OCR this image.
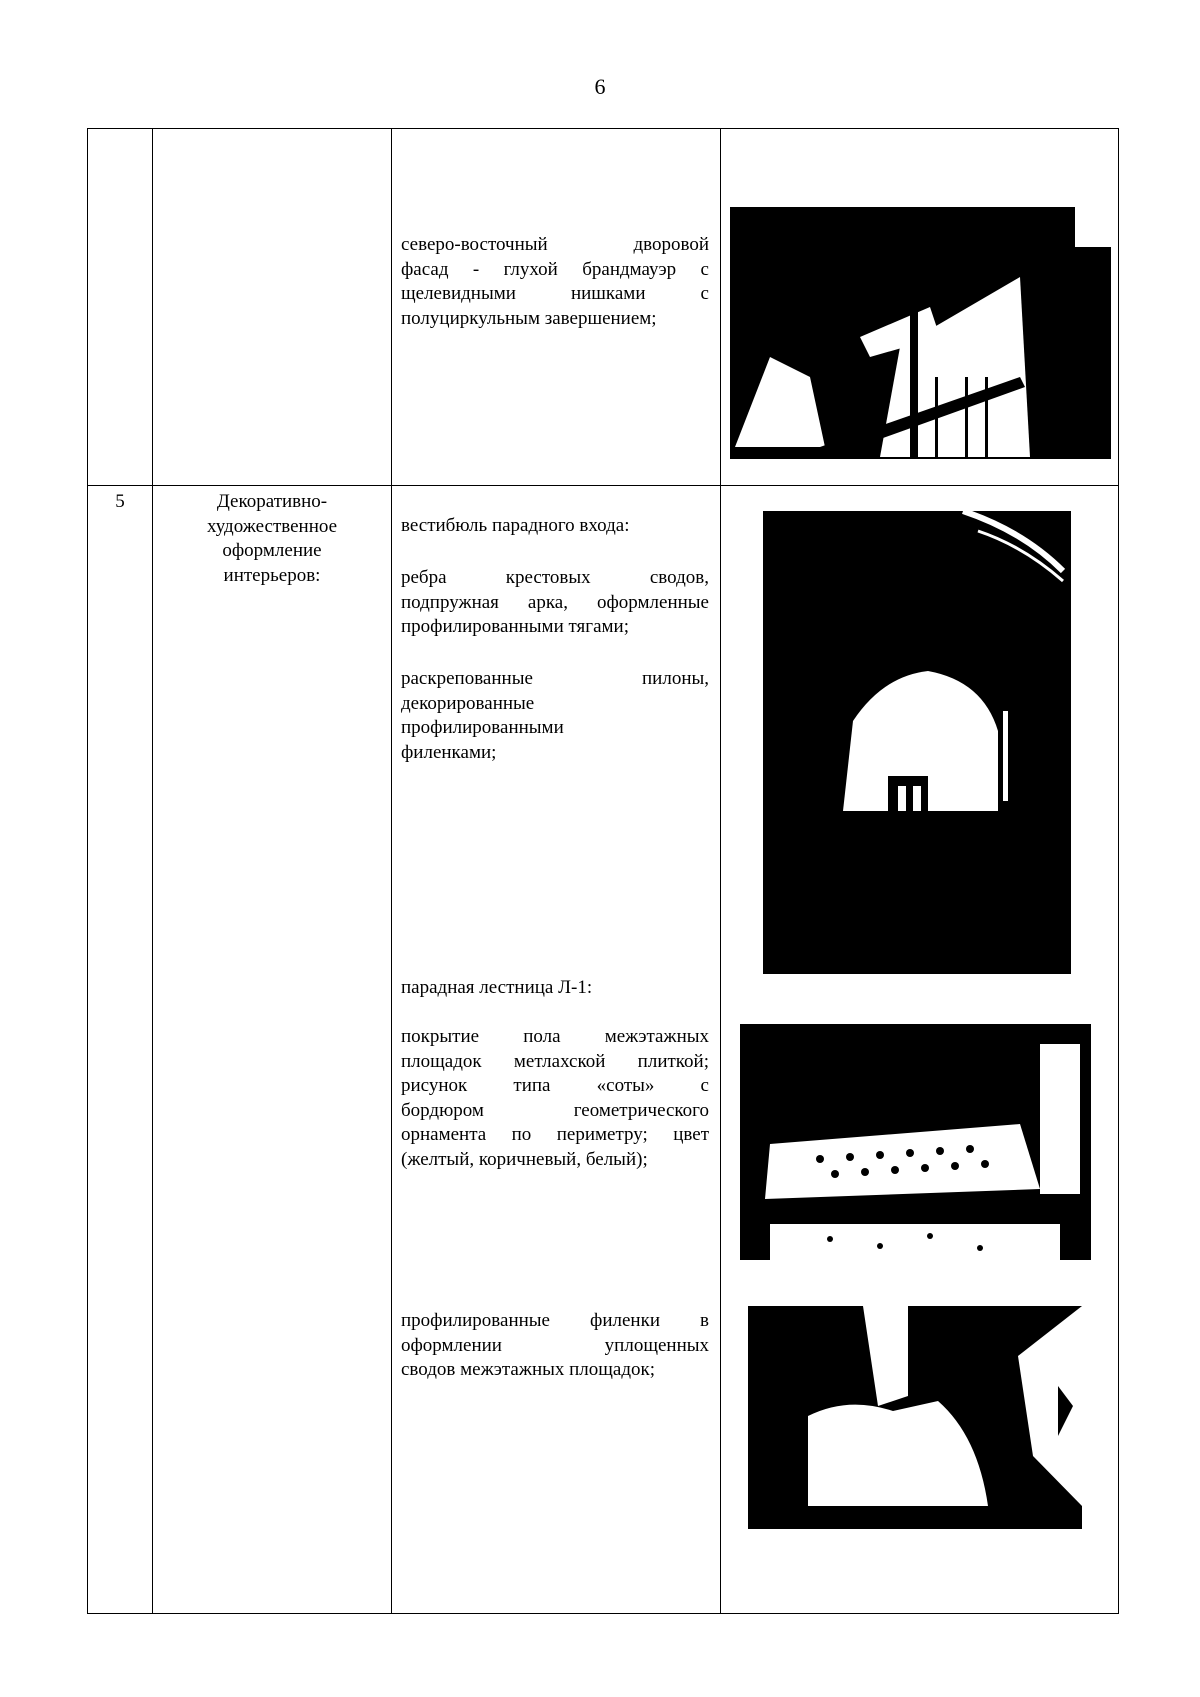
6
северо-восточный дворовой
фасад - глухой брандмауэр с
щелевидными нишками с
полуциркульным завершением;
5	Декоративно-
художественное
оформление
интерьеров:
вестибюль парадного входа:
ребра крестовых сводов,
подпружная арка, оформленные
профилированными тягами;
раскрепованные пилоны,
декорированные
профилированными
филенками;
парадная лестница Л-1:
покрытие пола межэтажных
площадок метлахской плиткой;
рисунок типа «соты» с
бордюром геометрического
орнамента по периметру; цвет
(желтый, коричневый, белый);
профилированные филенки в
оформлении уплощенных
сводов межэтажных площадок;
